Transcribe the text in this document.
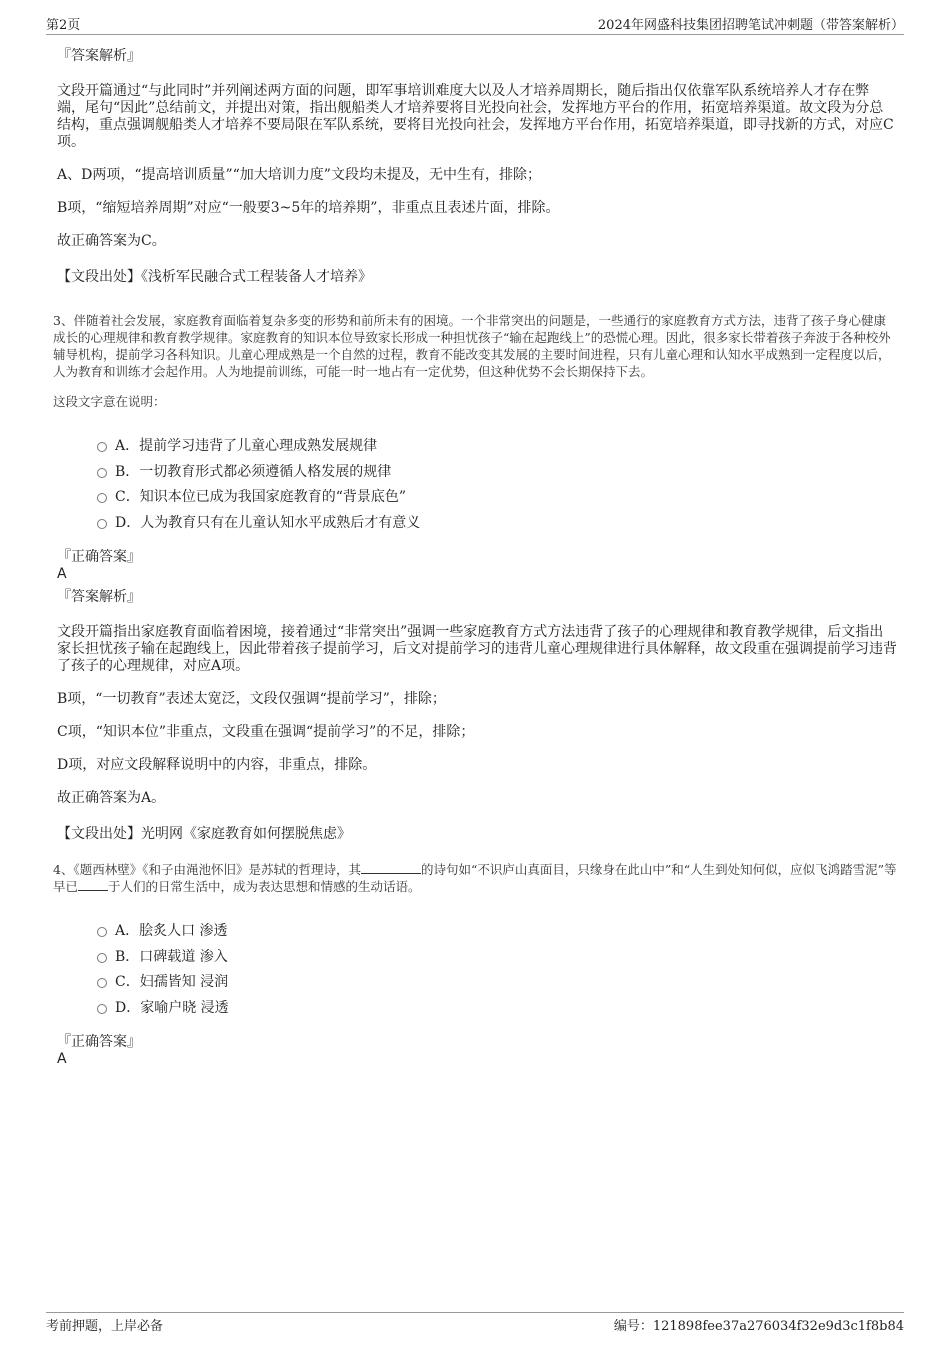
第2页	2024年网盛科技集团招聘笔试冲刺题（带答案解析）

『答案解析』

文段开篇通过“与此同时”并列阐述两方面的问题，即军事培训难度大以及人才培养周期长，随后指出仅依靠军队系统培养人才存在弊端，尾句“因此”总结前文，并提出对策，指出舰船类人才培养要将目光投向社会，发挥地方平台的作用，拓宽培养渠道。故文段为分总结构，重点强调舰船类人才培养不要局限在军队系统，要将目光投向社会，发挥地方平台作用，拓宽培养渠道，即寻找新的方式，对应C项。

A、D两项，“提高培训质量”“加大培训力度”文段均未提及，无中生有，排除；

B项，“缩短培养周期”对应“一般要3~5年的培养期”，非重点且表述片面，排除。

故正确答案为C。

【文段出处】《浅析军民融合式工程装备人才培养》

3、伴随着社会发展，家庭教育面临着复杂多变的形势和前所未有的困境。一个非常突出的问题是，一些通行的家庭教育方式方法，违背了孩子身心健康成长的心理规律和教育教学规律。家庭教育的知识本位导致家长形成一种担忧孩子“输在起跑线上”的恐慌心理。因此，很多家长带着孩子奔波于各种校外辅导机构，提前学习各科知识。儿童心理成熟是一个自然的过程，教育不能改变其发展的主要时间进程，只有儿童心理和认知水平成熟到一定程度以后，人为教育和训练才会起作用。人为地提前训练，可能一时一地占有一定优势，但这种优势不会长期保持下去。

这段文字意在说明：

A．提前学习违背了儿童心理成熟发展规律
B．一切教育形式都必须遵循人格发展的规律
C．知识本位已成为我国家庭教育的“背景底色”
D．人为教育只有在儿童认知水平成熟后才有意义

『正确答案』

A

『答案解析』

文段开篇指出家庭教育面临着困境，接着通过“非常突出”强调一些家庭教育方式方法违背了孩子的心理规律和教育教学规律，后文指出家长担忧孩子输在起跑线上，因此带着孩子提前学习，后文对提前学习的违背儿童心理规律进行具体解释，故文段重在强调提前学习违背了孩子的心理规律，对应A项。

B项，“一切教育”表述太宽泛，文段仅强调“提前学习”，排除；

C项，“知识本位”非重点，文段重在强调“提前学习”的不足，排除；

D项，对应文段解释说明中的内容，非重点，排除。

故正确答案为A。

【文段出处】光明网《家庭教育如何摆脱焦虑》

4、《题西林壁》《和子由渑池怀旧》是苏轼的哲理诗，其	的诗句如“不识庐山真面目，只缘身在此山中”和“人生到处知何似，应似飞鸿踏雪泥”等早已 于人们的日常生活中，成为表达思想和情感的生动话语。

A．脍炙人口 渗透
B．口碑载道 渗入
C．妇孺皆知 浸润
D．家喻户晓 浸透

『正确答案』

A

考前押题，上岸必备	编号：121898fee37a276034f32e9d3c1f8b84
